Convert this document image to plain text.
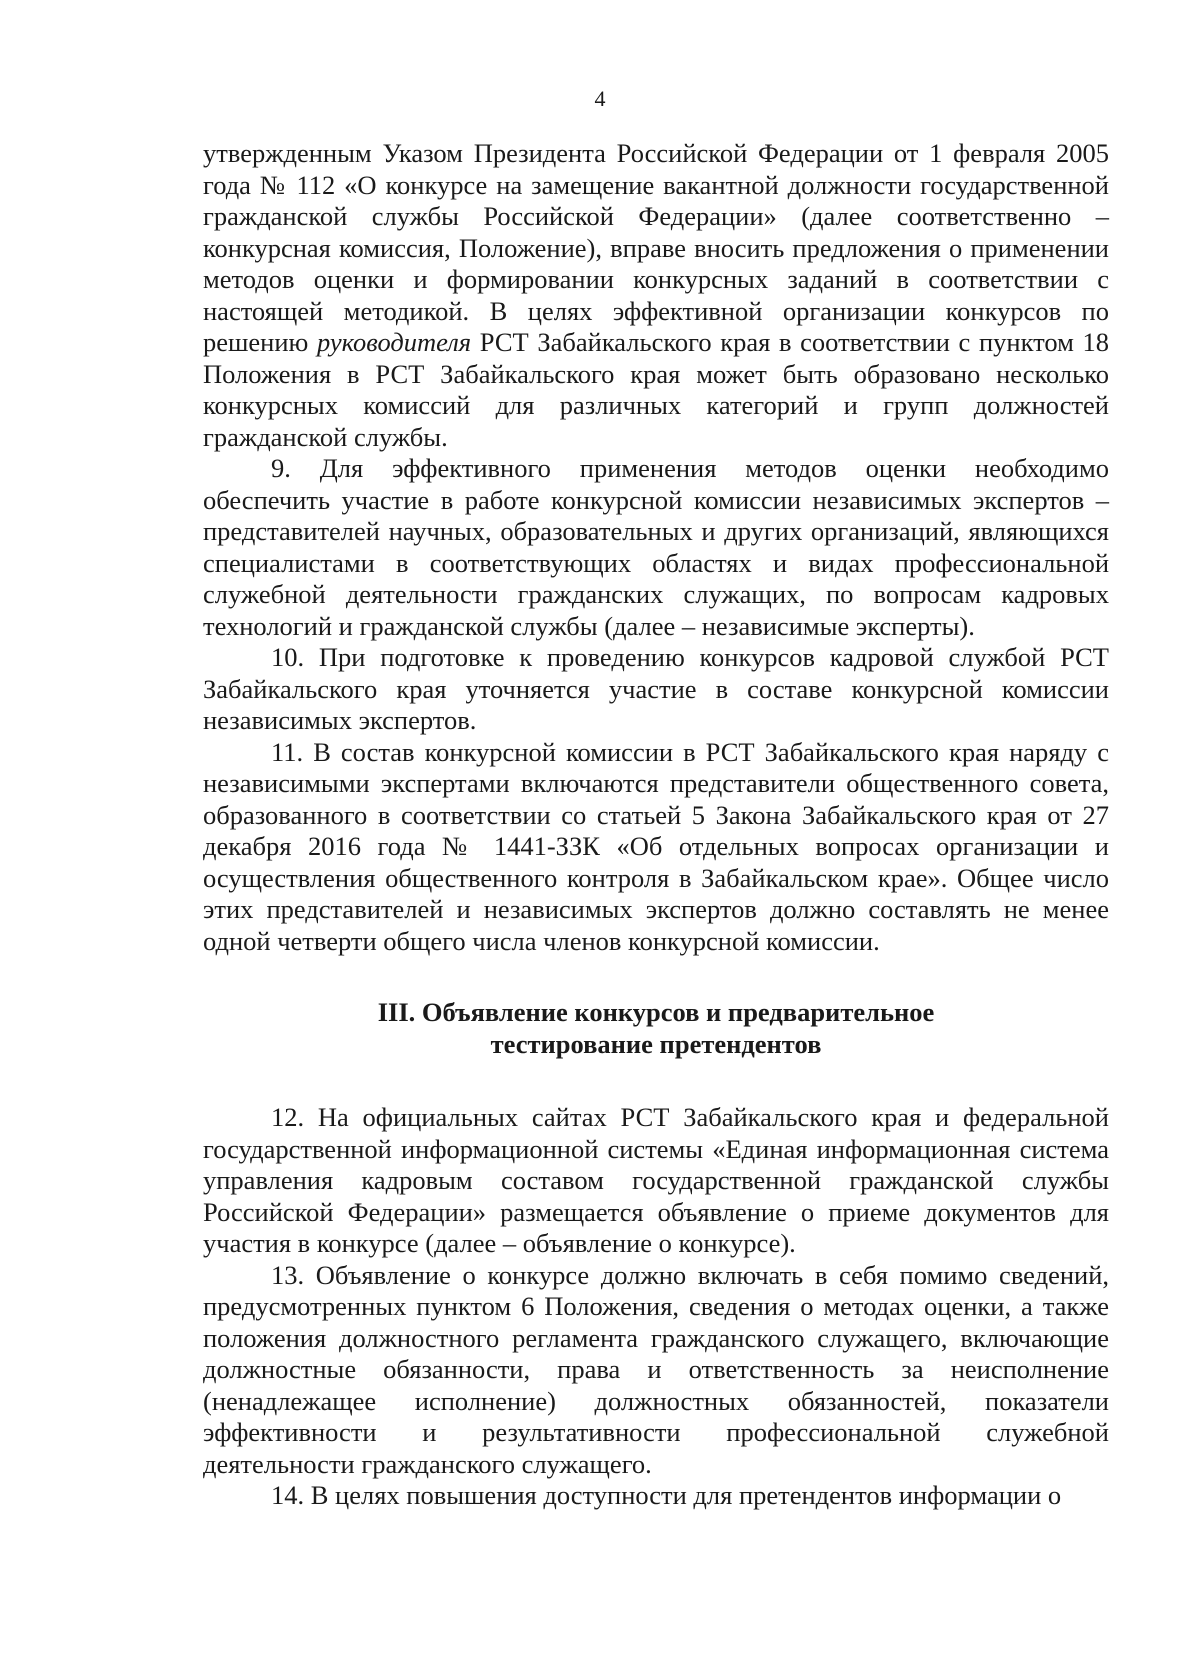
4

утвержденным Указом Президента Российской Федерации от 1 февраля 2005 года № 112 «О конкурсе на замещение вакантной должности государственной гражданской службы Российской Федерации» (далее соответственно – конкурсная комиссия, Положение), вправе вносить предложения о применении методов оценки и формировании конкурсных заданий в соответствии с настоящей методикой. В целях эффективной организации конкурсов по решению руководителя РСТ Забайкальского края в соответствии с пунктом 18 Положения в РСТ Забайкальского края может быть образовано несколько конкурсных комиссий для различных категорий и групп должностей гражданской службы.

9. Для эффективного применения методов оценки необходимо обеспечить участие в работе конкурсной комиссии независимых экспертов – представителей научных, образовательных и других организаций, являющихся специалистами в соответствующих областях и видах профессиональной служебной деятельности гражданских служащих, по вопросам кадровых технологий и гражданской службы (далее – независимые эксперты).

10. При подготовке к проведению конкурсов кадровой службой РСТ Забайкальского края уточняется участие в составе конкурсной комиссии независимых экспертов.

11. В состав конкурсной комиссии в РСТ Забайкальского края наряду с независимыми экспертами включаются представители общественного совета, образованного в соответствии со статьей 5 Закона Забайкальского края от 27 декабря 2016 года № 1441-ЗЗК «Об отдельных вопросах организации и осуществления общественного контроля в Забайкальском крае». Общее число этих представителей и независимых экспертов должно составлять не менее одной четверти общего числа членов конкурсной комиссии.

III. Объявление конкурсов и предварительное
тестирование претендентов

12. На официальных сайтах РСТ Забайкальского края и федеральной государственной информационной системы «Единая информационная система управления кадровым составом государственной гражданской службы Российской Федерации» размещается объявление о приеме документов для участия в конкурсе (далее – объявление о конкурсе).

13. Объявление о конкурсе должно включать в себя помимо сведений, предусмотренных пунктом 6 Положения, сведения о методах оценки, а также положения должностного регламента гражданского служащего, включающие должностные обязанности, права и ответственность за неисполнение (ненадлежащее исполнение) должностных обязанностей, показатели эффективности и результативности профессиональной служебной деятельности гражданского служащего.

14. В целях повышения доступности для претендентов информации о
